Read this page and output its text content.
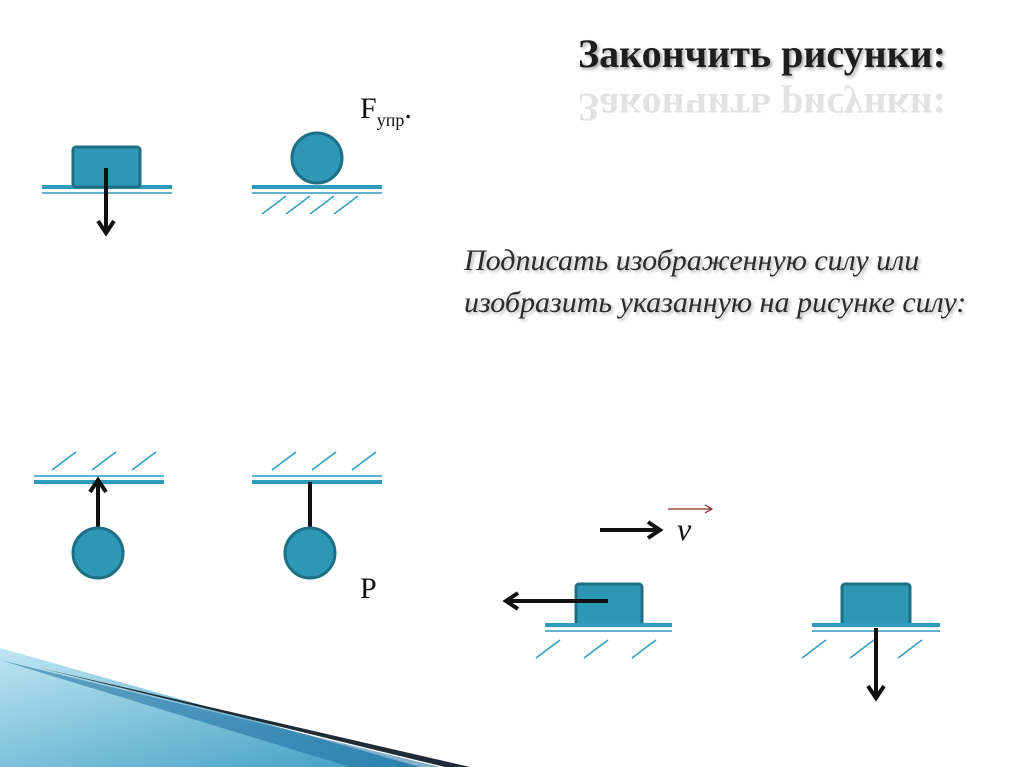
v
Закончить рисунки:
Закончить рисунки:
$F_{упр}$.
Подписать изображенную силу или изобразить указанную на рисунке силу:
P
